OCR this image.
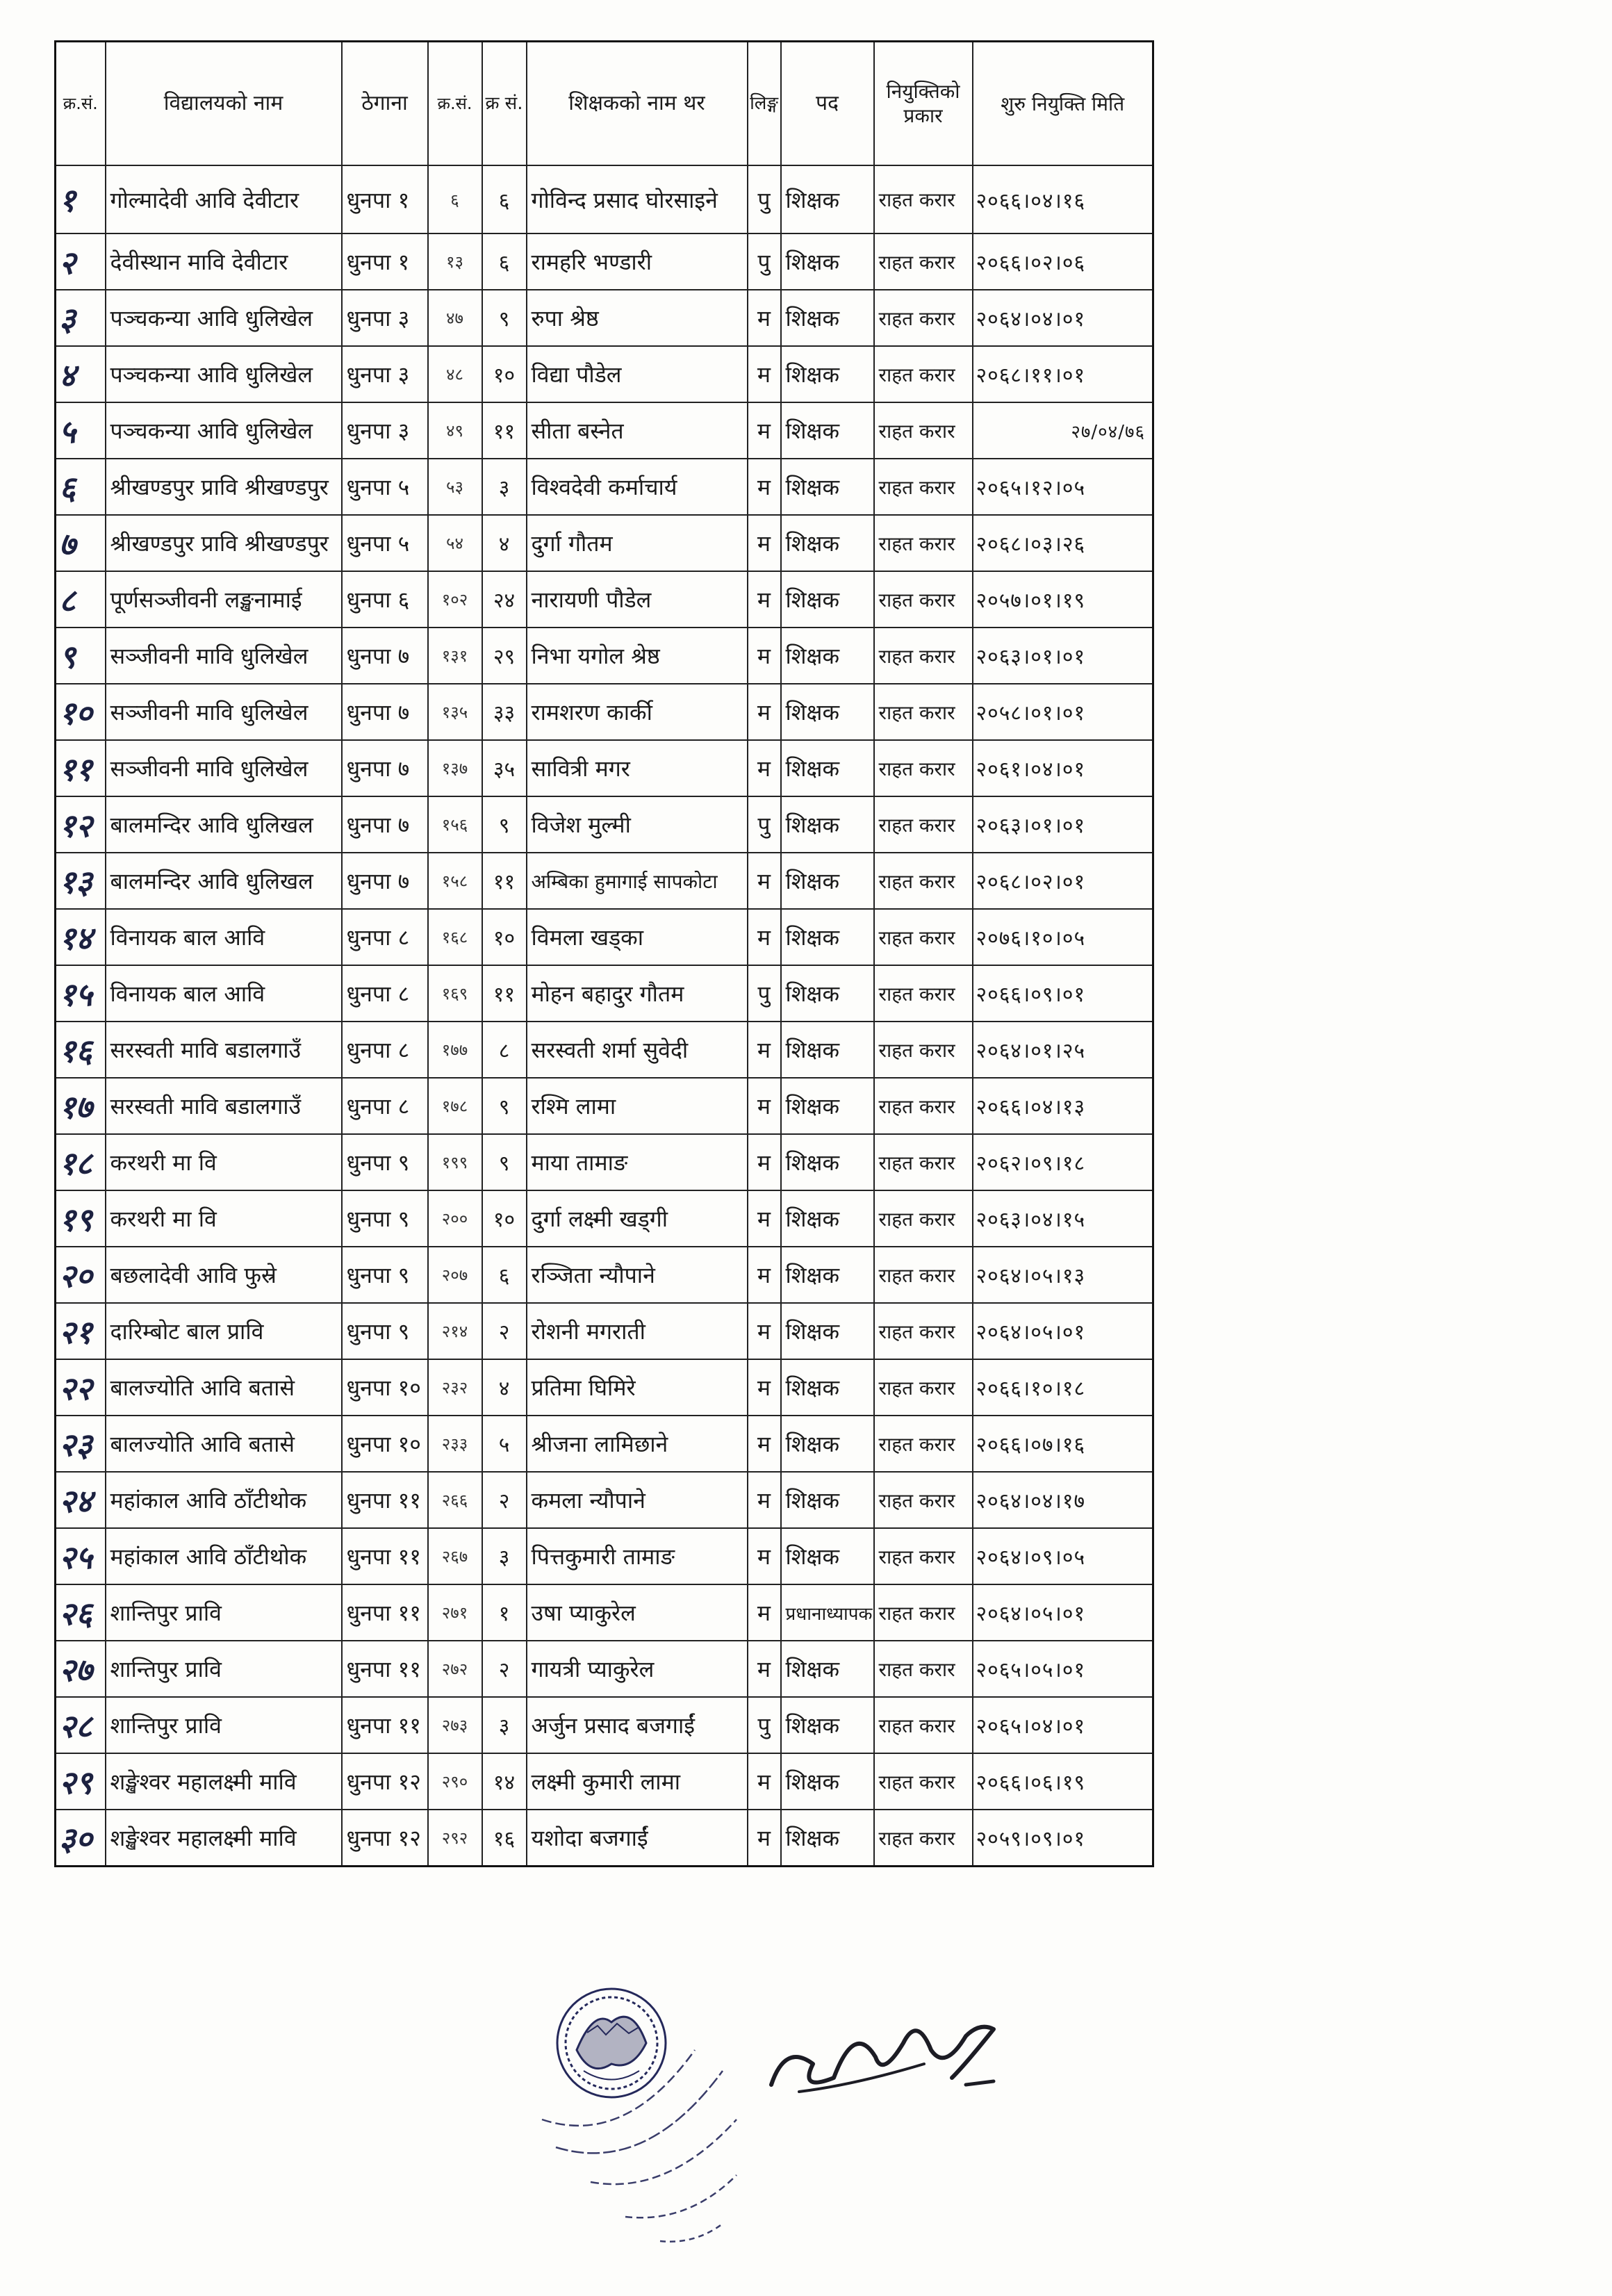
क्र.सं.	विद्यालयको नाम	ठेगाना	क्र.सं.	क्र सं.	शिक्षकको नाम थर	लिङ्ग	पद	नियुक्तिको प्रकार	शुरु नियुक्ति मिति
१	गोल्मादेवी आवि देवीटार	धुनपा १	६	६	गोविन्द प्रसाद घोरसाइने	पु	शिक्षक	राहत करार	२०६६।०४।१६
२	देवीस्थान मावि देवीटार	धुनपा १	१३	६	रामहरि भण्डारी	पु	शिक्षक	राहत करार	२०६६।०२।०६
३	पञ्चकन्या आवि धुलिखेल	धुनपा ३	४७	९	रुपा श्रेष्ठ	म	शिक्षक	राहत करार	२०६४।०४।०१
४	पञ्चकन्या आवि धुलिखेल	धुनपा ३	४८	१०	विद्या पौडेल	म	शिक्षक	राहत करार	२०६८।११।०१
५	पञ्चकन्या आवि धुलिखेल	धुनपा ३	४९	११	सीता बस्नेत	म	शिक्षक	राहत करार	२७/०४/७६
६	श्रीखण्डपुर प्रावि श्रीखण्डपुर	धुनपा ५	५३	३	विश्वदेवी कर्माचार्य	म	शिक्षक	राहत करार	२०६५।१२।०५
७	श्रीखण्डपुर प्रावि श्रीखण्डपुर	धुनपा ५	५४	४	दुर्गा गौतम	म	शिक्षक	राहत करार	२०६८।०३।२६
८	पूर्णसञ्जीवनी लङ्खनामाई	धुनपा ६	१०२	२४	नारायणी पौडेल	म	शिक्षक	राहत करार	२०५७।०१।१९
९	सञ्जीवनी मावि धुलिखेल	धुनपा ७	१३१	२९	निभा यगोल श्रेष्ठ	म	शिक्षक	राहत करार	२०६३।०१।०१
१०	सञ्जीवनी मावि धुलिखेल	धुनपा ७	१३५	३३	रामशरण कार्की	म	शिक्षक	राहत करार	२०५८।०१।०१
११	सञ्जीवनी मावि धुलिखेल	धुनपा ७	१३७	३५	सावित्री मगर	म	शिक्षक	राहत करार	२०६१।०४।०१
१२	बालमन्दिर आवि धुलिखल	धुनपा ७	१५६	९	विजेश मुल्मी	पु	शिक्षक	राहत करार	२०६३।०१।०१
१३	बालमन्दिर आवि धुलिखल	धुनपा ७	१५८	११	अम्बिका हुमागाई सापकोटा	म	शिक्षक	राहत करार	२०६८।०२।०१
१४	विनायक बाल आवि	धुनपा ८	१६८	१०	विमला खड्का	म	शिक्षक	राहत करार	२०७६।१०।०५
१५	विनायक बाल आवि	धुनपा ८	१६९	११	मोहन बहादुर गौतम	पु	शिक्षक	राहत करार	२०६६।०९।०१
१६	सरस्वती मावि बडालगाउँ	धुनपा ८	१७७	८	सरस्वती शर्मा सुवेदी	म	शिक्षक	राहत करार	२०६४।०१।२५
१७	सरस्वती मावि बडालगाउँ	धुनपा ८	१७८	९	रश्मि लामा	म	शिक्षक	राहत करार	२०६६।०४।१३
१८	करथरी मा वि	धुनपा ९	१९९	९	माया तामाङ	म	शिक्षक	राहत करार	२०६२।०९।१८
१९	करथरी मा वि	धुनपा ९	२००	१०	दुर्गा लक्ष्मी खड्गी	म	शिक्षक	राहत करार	२०६३।०४।१५
२०	बछलादेवी आवि फुस्रे	धुनपा ९	२०७	६	रञ्जिता न्यौपाने	म	शिक्षक	राहत करार	२०६४।०५।१३
२१	दारिम्बोट बाल प्रावि	धुनपा ९	२१४	२	रोशनी मगराती	म	शिक्षक	राहत करार	२०६४।०५।०१
२२	बालज्योति आवि बतासे	धुनपा १०	२३२	४	प्रतिमा घिमिरे	म	शिक्षक	राहत करार	२०६६।१०।१८
२३	बालज्योति आवि बतासे	धुनपा १०	२३३	५	श्रीजना लामिछाने	म	शिक्षक	राहत करार	२०६६।०७।१६
२४	महांकाल आवि ठाँटीथोक	धुनपा ११	२६६	२	कमला न्यौपाने	म	शिक्षक	राहत करार	२०६४।०४।१७
२५	महांकाल आवि ठाँटीथोक	धुनपा ११	२६७	३	पित्तकुमारी तामाङ	म	शिक्षक	राहत करार	२०६४।०९।०५
२६	शान्तिपुर प्रावि	धुनपा ११	२७१	१	उषा प्याकुरेल	म	प्रधानाध्यापक	राहत करार	२०६४।०५।०१
२७	शान्तिपुर प्रावि	धुनपा ११	२७२	२	गायत्री प्याकुरेल	म	शिक्षक	राहत करार	२०६५।०५।०१
२८	शान्तिपुर प्रावि	धुनपा ११	२७३	३	अर्जुन प्रसाद बजगाईं	पु	शिक्षक	राहत करार	२०६५।०४।०१
२९	शङ्खेश्वर महालक्ष्मी मावि	धुनपा १२	२९०	१४	लक्ष्मी कुमारी लामा	म	शिक्षक	राहत करार	२०६६।०६।१९
३०	शङ्खेश्वर महालक्ष्मी मावि	धुनपा १२	२९२	१६	यशोदा बजगाईं	म	शिक्षक	राहत करार	२०५९।०९।०१
